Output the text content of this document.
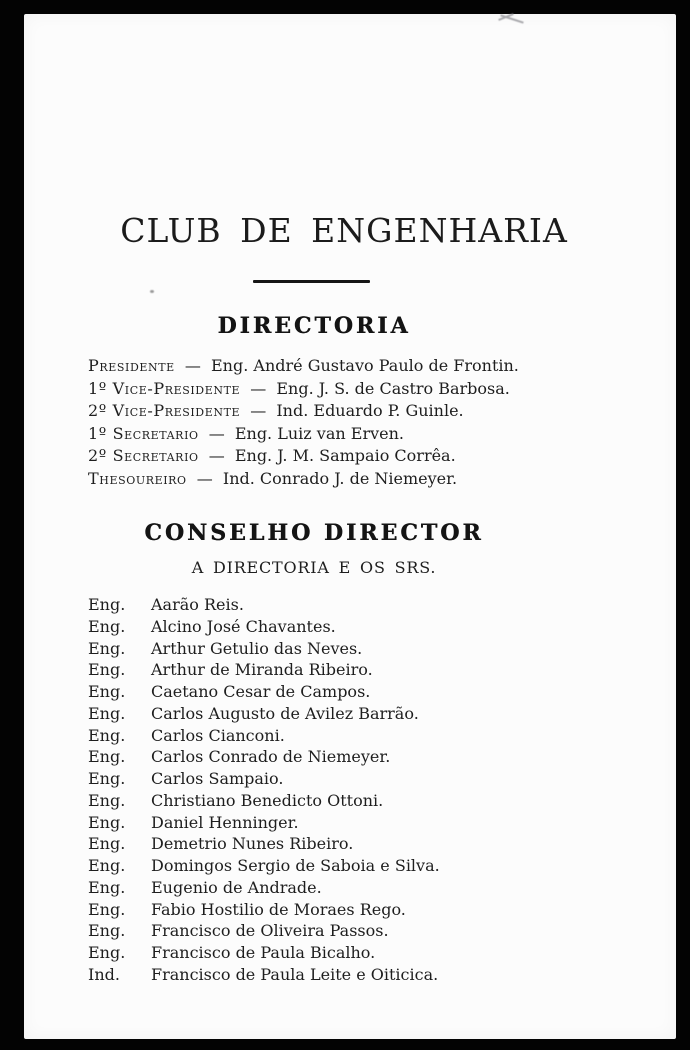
CLUB DE ENGENHARIA
DIRECTORIA
Presidente — Eng. André Gustavo Paulo de Frontin.
1º Vice-Presidente — Eng. J. S. de Castro Barbosa.
2º Vice-Presidente — Ind. Eduardo P. Guinle.
1º Secretario — Eng. Luiz van Erven.
2º Secretario — Eng. J. M. Sampaio Corrêa.
Thesoureiro — Ind. Conrado J. de Niemeyer.
CONSELHO DIRECTOR

A DIRECTORIA E OS SRS.

Eng. Aarão Reis.
Eng. Alcino José Chavantes.
Eng. Arthur Getulio das Neves.
Eng. Arthur de Miranda Ribeiro.
Eng. Caetano Cesar de Campos.
Eng. Carlos Augusto de Avilez Barrão.
Eng. Carlos Cianconi.
Eng. Carlos Conrado de Niemeyer.
Eng. Carlos Sampaio.
Eng. Christiano Benedicto Ottoni.
Eng. Daniel Henninger.
Eng. Demetrio Nunes Ribeiro.
Eng. Domingos Sergio de Saboia e Silva.
Eng. Eugenio de Andrade.
Eng. Fabio Hostilio de Moraes Rego.
Eng. Francisco de Oliveira Passos.
Eng. Francisco de Paula Bicalho.
Ind. Francisco de Paula Leite e Oiticica.
